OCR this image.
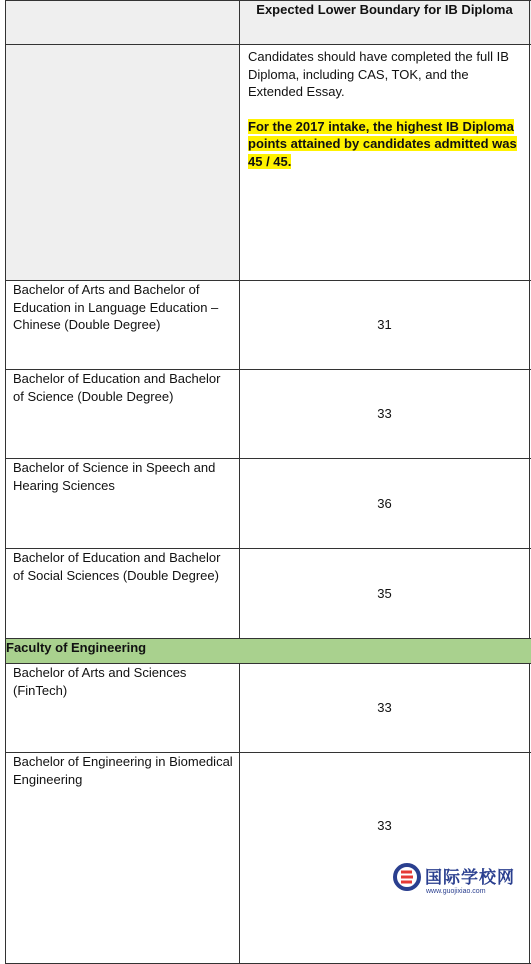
	Expected Lower Boundary for IB Diploma	

	Candidates should have completed the full IB Diploma, including CAS, TOK, and the Extended Essay.
For the 2017 intake, the highest IB Diploma points attained by candidates admitted was 45 / 45.	
Bachelor of Arts and Bachelor of Education in Language Education – Chinese (Double Degree)	31	
Bachelor of Education and Bachelor of Science (Double Degree)	33	
Bachelor of Science in Speech and Hearing Sciences	36	
Bachelor of Education and Bachelor of Social Sciences (Double Degree)	35	
Faculty of Engineering		
Bachelor of Arts and Sciences (FinTech)	33	
Bachelor of Engineering in Biomedical Engineering	33	
国际学校网
www.guojixiao.com
